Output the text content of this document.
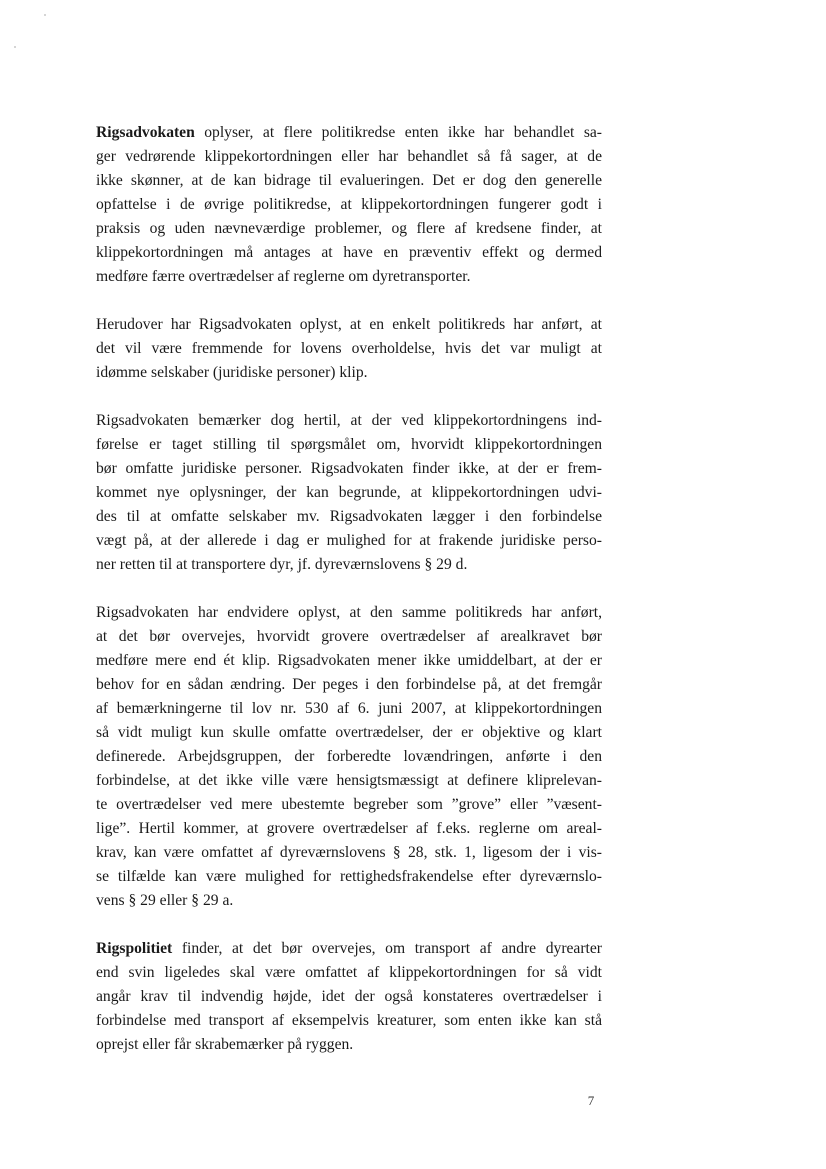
Rigsadvokaten oplyser, at flere politikredse enten ikke har behandlet sa-
ger vedrørende klippekortordningen eller har behandlet så få sager, at de
ikke skønner, at de kan bidrage til evalueringen. Det er dog den generelle
opfattelse i de øvrige politikredse, at klippekortordningen fungerer godt i
praksis og uden nævneværdige problemer, og flere af kredsene finder, at
klippekortordningen må antages at have en præventiv effekt og dermed
medføre færre overtrædelser af reglerne om dyretransporter.
Herudover har Rigsadvokaten oplyst, at en enkelt politikreds har anført, at
det vil være fremmende for lovens overholdelse, hvis det var muligt at
idømme selskaber (juridiske personer) klip.
Rigsadvokaten bemærker dog hertil, at der ved klippekortordningens ind-
førelse er taget stilling til spørgsmålet om, hvorvidt klippekortordningen
bør omfatte juridiske personer. Rigsadvokaten finder ikke, at der er frem-
kommet nye oplysninger, der kan begrunde, at klippekortordningen udvi-
des til at omfatte selskaber mv. Rigsadvokaten lægger i den forbindelse
vægt på, at der allerede i dag er mulighed for at frakende juridiske perso-
ner retten til at transportere dyr, jf. dyreværnslovens § 29 d.
Rigsadvokaten har endvidere oplyst, at den samme politikreds har anført,
at det bør overvejes, hvorvidt grovere overtrædelser af arealkravet bør
medføre mere end ét klip. Rigsadvokaten mener ikke umiddelbart, at der er
behov for en sådan ændring. Der peges i den forbindelse på, at det fremgår
af bemærkningerne til lov nr. 530 af 6. juni 2007, at klippekortordningen
så vidt muligt kun skulle omfatte overtrædelser, der er objektive og klart
definerede. Arbejdsgruppen, der forberedte lovændringen, anførte i den
forbindelse, at det ikke ville være hensigtsmæssigt at definere kliprelevan-
te overtrædelser ved mere ubestemte begreber som ”grove” eller ”væsent-
lige”. Hertil kommer, at grovere overtrædelser af f.eks. reglerne om areal-
krav, kan være omfattet af dyreværnslovens § 28, stk. 1, ligesom der i vis-
se tilfælde kan være mulighed for rettighedsfrakendelse efter dyreværnslo-
vens § 29 eller § 29 a.
Rigspolitiet finder, at det bør overvejes, om transport af andre dyrearter
end svin ligeledes skal være omfattet af klippekortordningen for så vidt
angår krav til indvendig højde, idet der også konstateres overtrædelser i
forbindelse med transport af eksempelvis kreaturer, som enten ikke kan stå
oprejst eller får skrabemærker på ryggen.
7
